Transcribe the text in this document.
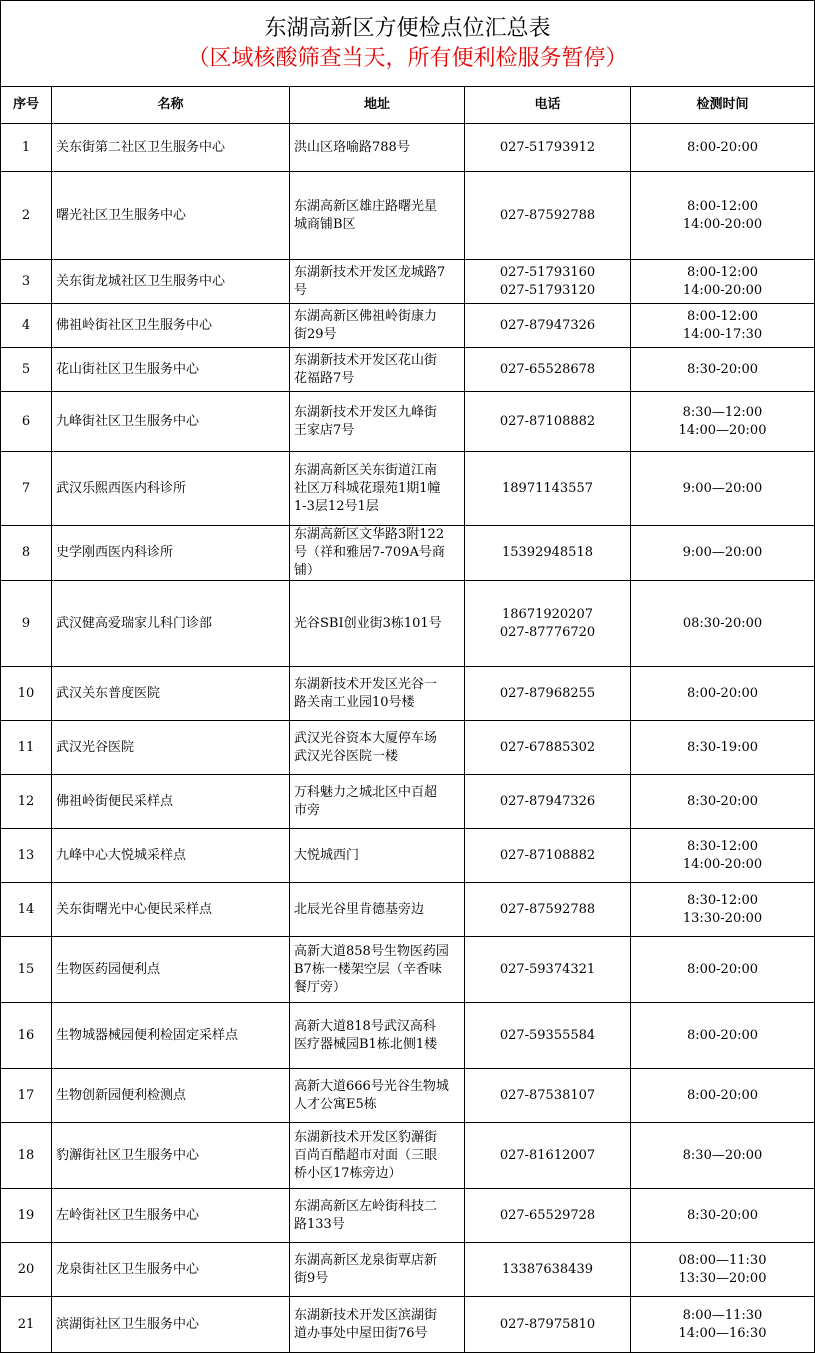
东湖高新区方便检点位汇总表
（区域核酸筛查当天，所有便利检服务暂停）
序号	名称	地址	电话	检测时间
1	关东街第二社区卫生服务中心	洪山区珞喻路788号	027-51793912	8:00-20:00

2	曙光社区卫生服务中心	东湖高新区雄庄路曙光星
城商铺B区	027-87592788	8:00-12:00
14:00-20:00

3	关东街龙城社区卫生服务中心	东湖新技术开发区龙城路7
号	027-51793160
027-51793120	8:00-12:00
14:00-20:00

4	佛祖岭街社区卫生服务中心	东湖高新区佛祖岭街康力
街29号	027-87947326	8:00-12:00
14:00-17:30

5	花山街社区卫生服务中心	东湖新技术开发区花山街
花福路7号	027-65528678	8:30-20:00

6	九峰街社区卫生服务中心	东湖新技术开发区九峰街
王家店7号	027-87108882	8:30—12:00
14:00—20:00

7	武汉乐熙西医内科诊所	东湖高新区关东街道江南
社区万科城花璟苑1期1幢
1-3层12号1层	18971143557	9:00—20:00

8	史学刚西医内科诊所	东湖高新区文华路3附122
号（祥和雅居7-709A号商
铺）	15392948518	9:00—20:00

9	武汉健高爱瑞家儿科门诊部	光谷SBI创业街3栋101号	18671920207
027-87776720	08:30-20:00

10	武汉关东普度医院	东湖新技术开发区光谷一
路关南工业园10号楼	027-87968255	8:00-20:00

11	武汉光谷医院	武汉光谷资本大厦停车场
武汉光谷医院一楼	027-67885302	8:30-19:00

12	佛祖岭街便民采样点	万科魅力之城北区中百超
市旁	027-87947326	8:30-20:00

13	九峰中心大悦城采样点	大悦城西门	027-87108882	8:30-12:00
14:00-20:00

14	关东街曙光中心便民采样点	北辰光谷里肯德基旁边	027-87592788	8:30-12:00
13:30-20:00

15	生物医药园便利点	高新大道858号生物医药园
B7栋一楼架空层（辛香味
餐厅旁）	027-59374321	8:00-20:00

16	生物城器械园便利检固定采样点	高新大道818号武汉高科
医疗器械园B1栋北侧1楼	027-59355584	8:00-20:00

17	生物创新园便利检测点	高新大道666号光谷生物城
人才公寓E5栋	027-87538107	8:00-20:00

18	豹澥街社区卫生服务中心	东湖新技术开发区豹澥街
百尚百酷超市对面（三眼
桥小区17栋旁边）	027-81612007	8:30—20:00

19	左岭街社区卫生服务中心	东湖高新区左岭街科技二
路133号	027-65529728	8:30-20:00

20	龙泉街社区卫生服务中心	东湖高新区龙泉街覃店新
街9号	13387638439	08:00—11:30
13:30—20:00

21	滨湖街社区卫生服务中心	东湖新技术开发区滨湖街
道办事处中屋田街76号	027-87975810	8:00—11:30
14:00—16:30
